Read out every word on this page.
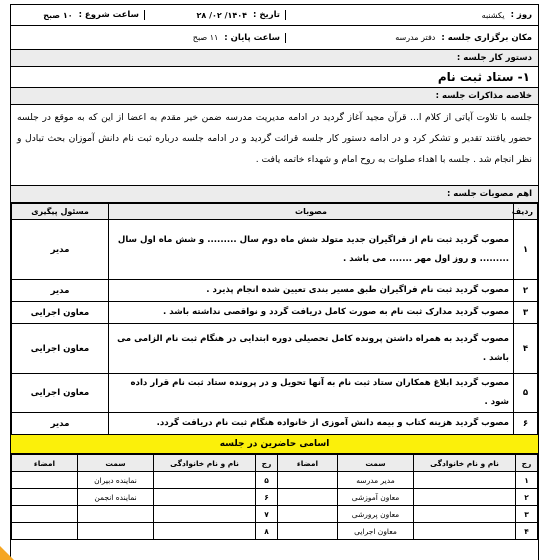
روز :
یکشنبه
تاریخ :
۱۴۰۴/ ۰۲/ ۲۸
ساعت شروع :
۱۰ صبح
مکان برگزاری جلسه :
دفتر مدرسه
ساعت پایان :
۱۱ صبح
دستور کار جلسه :
۱- ستاد ثبت نام
خلاصه مذاکرات جلسه :
جلسه با تلاوت آیاتی از کلام ا... قرآن مجید آغاز گردید در ادامه مدیریت مدرسه ضمن خیر مقدم به اعضا از این که به موقع در جلسه حضور یافتند تقدیر و تشکر کرد و در ادامه دستور کار جلسه قرائت گردید و در ادامه جلسه درباره ثبت نام دانش آموزان بحث تبادل و نظر انجام شد . جلسه با اهداء صلوات به روح امام و شهداء خاتمه یافت .
اهم مصوبات جلسه :
ردیف	مصوبات	مسئول پیگیری
۱	مصوب گردید ثبت نام از فراگیران جدید متولد شش ماه دوم سال ......... و شش ماه اول سال ......... و روز اول مهر ....... می باشد .	مدیر
۲	مصوب گردید ثبت نام فراگیران طبق مسیر بندی تعیین شده انجام پذیرد .	مدیر
۳	مصوب گردید مدارک ثبت نام به صورت کامل دریافت گردد و نواقصی نداشته باشد .	معاون اجرایی
۴	مصوب گردید به همراه داشتن پرونده کامل تحصیلی دوره ابتدایی در هنگام ثبت نام الزامی می باشد .	معاون اجرایی
۵	مصوب گردید ابلاغ همکاران ستاد ثبت نام به آنها تحویل و در پرونده ستاد ثبت نام قرار داده شود .	معاون اجرایی
۶	مصوب گردید هزینه کتاب و بیمه دانش آموزی از خانواده هنگام ثبت نام دریافت گردد.	مدیر
اسامی حاضرین در جلسه
رج	نام و نام خانوادگی	سمت	امضاء	رج	نام و نام خانوادگی	سمت	امضاء
۱		مدیر مدرسه		۵		نماینده دبیران	
۲		معاون آموزشی		۶		نماینده انجمن	
۳		معاون پرورشی		۷			
۴		معاون اجرایی		۸			
